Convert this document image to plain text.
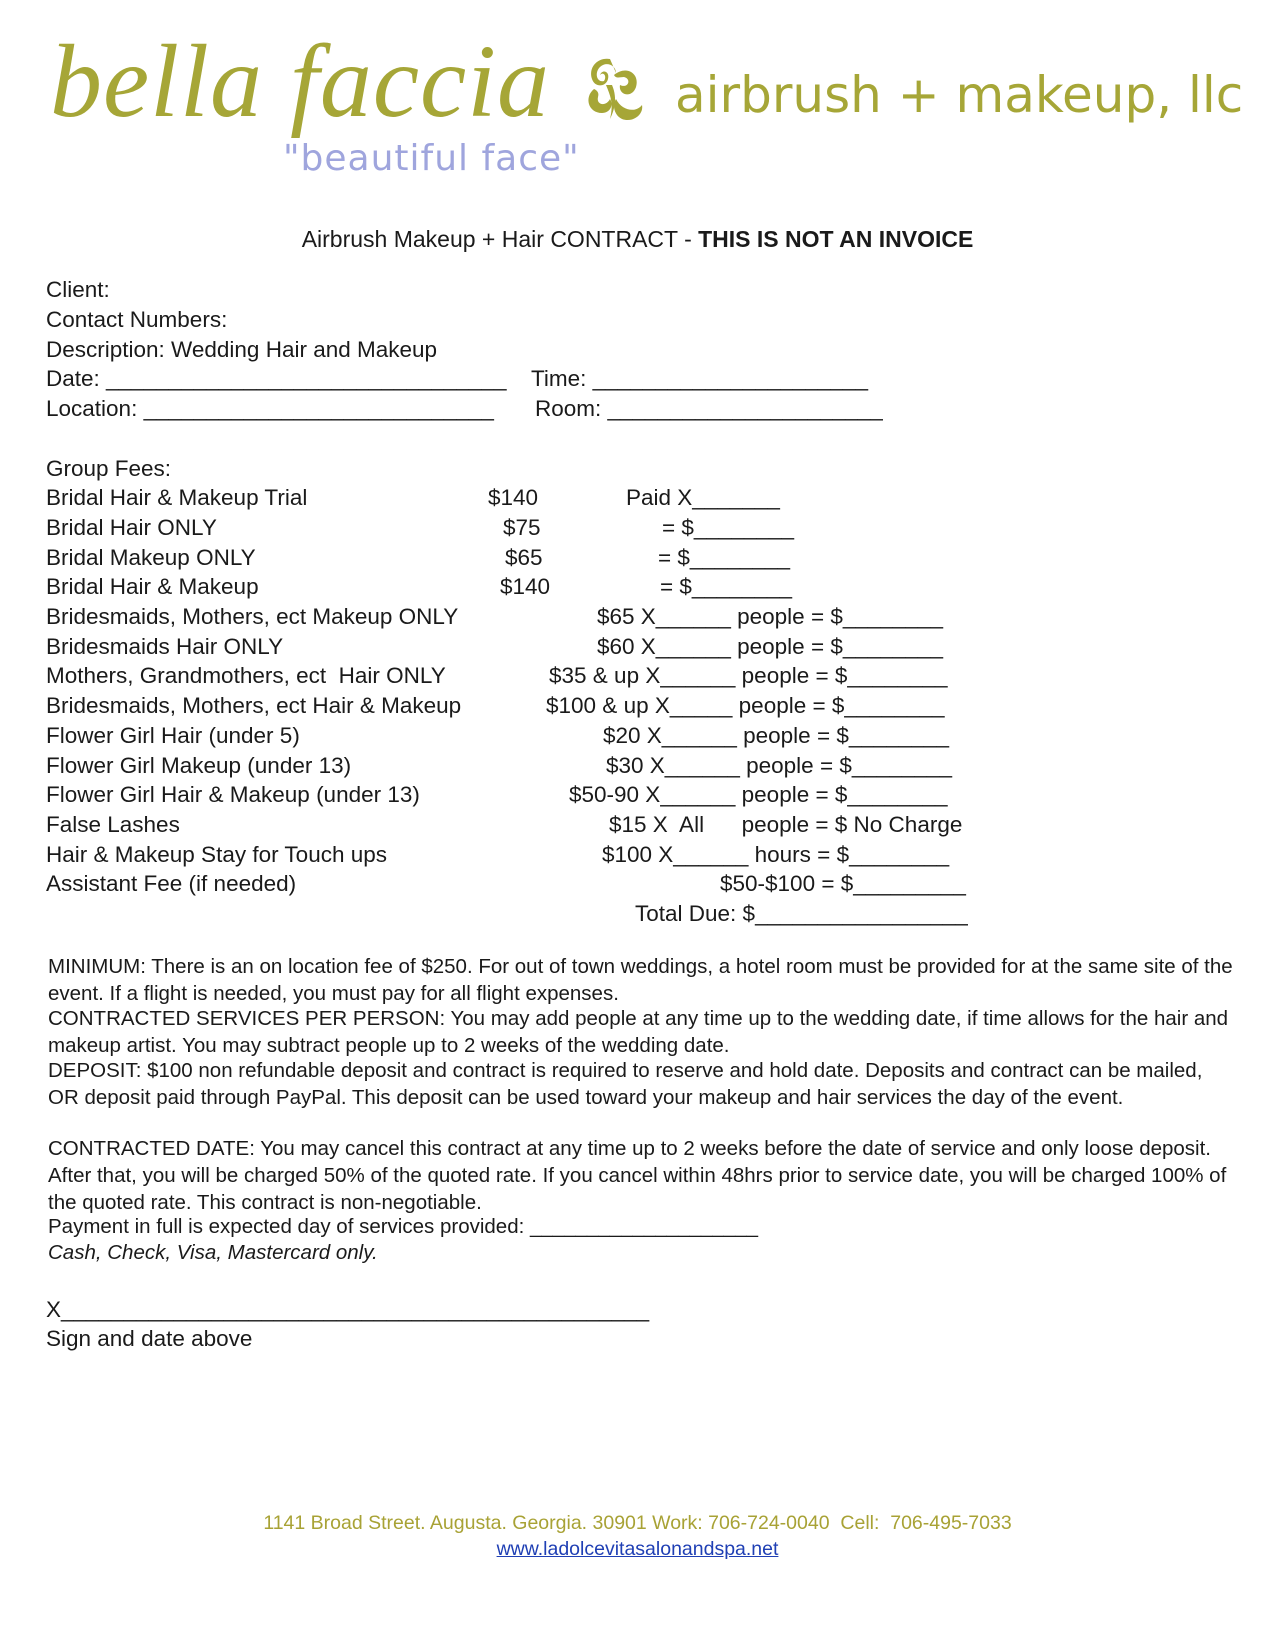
bella faccia
"beautiful face"
airbrush + makeup, llc
Airbrush Makeup + Hair CONTRACT - THIS IS NOT AN INVOICE
Client:
Contact Numbers:
Description: Wedding Hair and Makeup
Date: ________________________________ Time: ______________________
Location: ____________________________ Room: ______________________
Group Fees:
Bridal Hair & Makeup Trial	$140	Paid X_______
Bridal Hair ONLY	$75	= $________
Bridal Makeup ONLY	$65	= $________
Bridal Hair & Makeup	$140	= $________
Bridesmaids, Mothers, ect Makeup ONLY	$65 X______ people = $________
Bridesmaids Hair ONLY	$60 X______ people = $________
Mothers, Grandmothers, ect  Hair ONLY	$35 & up X______ people = $________
Bridesmaids, Mothers, ect Hair & Makeup	$100 & up X_____ people = $________
Flower Girl Hair (under 5)	$20 X______ people = $________
Flower Girl Makeup (under 13)	$30 X______ people = $________
Flower Girl Hair & Makeup (under 13)	$50-90 X______ people = $________
False Lashes	$15 X  All      people = $ No Charge
Hair & Makeup Stay for Touch ups	$100 X______ hours = $________
Assistant Fee (if needed)	$50-$100 = $_________
Total Due: $_________________
MINIMUM: There is an on location fee of $250. For out of town weddings, a hotel room must be provided for at the same site of the event. If a flight is needed, you must pay for all flight expenses.
CONTRACTED SERVICES PER PERSON: You may add people at any time up to the wedding date, if time allows for the hair and makeup artist. You may subtract people up to 2 weeks of the wedding date.
DEPOSIT: $100 non refundable deposit and contract is required to reserve and hold date. Deposits and contract can be mailed, OR deposit paid through PayPal. This deposit can be used toward your makeup and hair services the day of the event.
CONTRACTED DATE: You may cancel this contract at any time up to 2 weeks before the date of service and only loose deposit. After that, you will be charged 50% of the quoted rate. If you cancel within 48hrs prior to service date, you will be charged 100% of the quoted rate. This contract is non-negotiable.
Payment in full is expected day of services provided: ____________________
Cash, Check, Visa, Mastercard only.
X_______________________________________________
Sign and date above
1141 Broad Street. Augusta. Georgia. 30901 Work: 706-724-0040  Cell:  706-495-7033
www.ladolcevitasalonandspa.net
